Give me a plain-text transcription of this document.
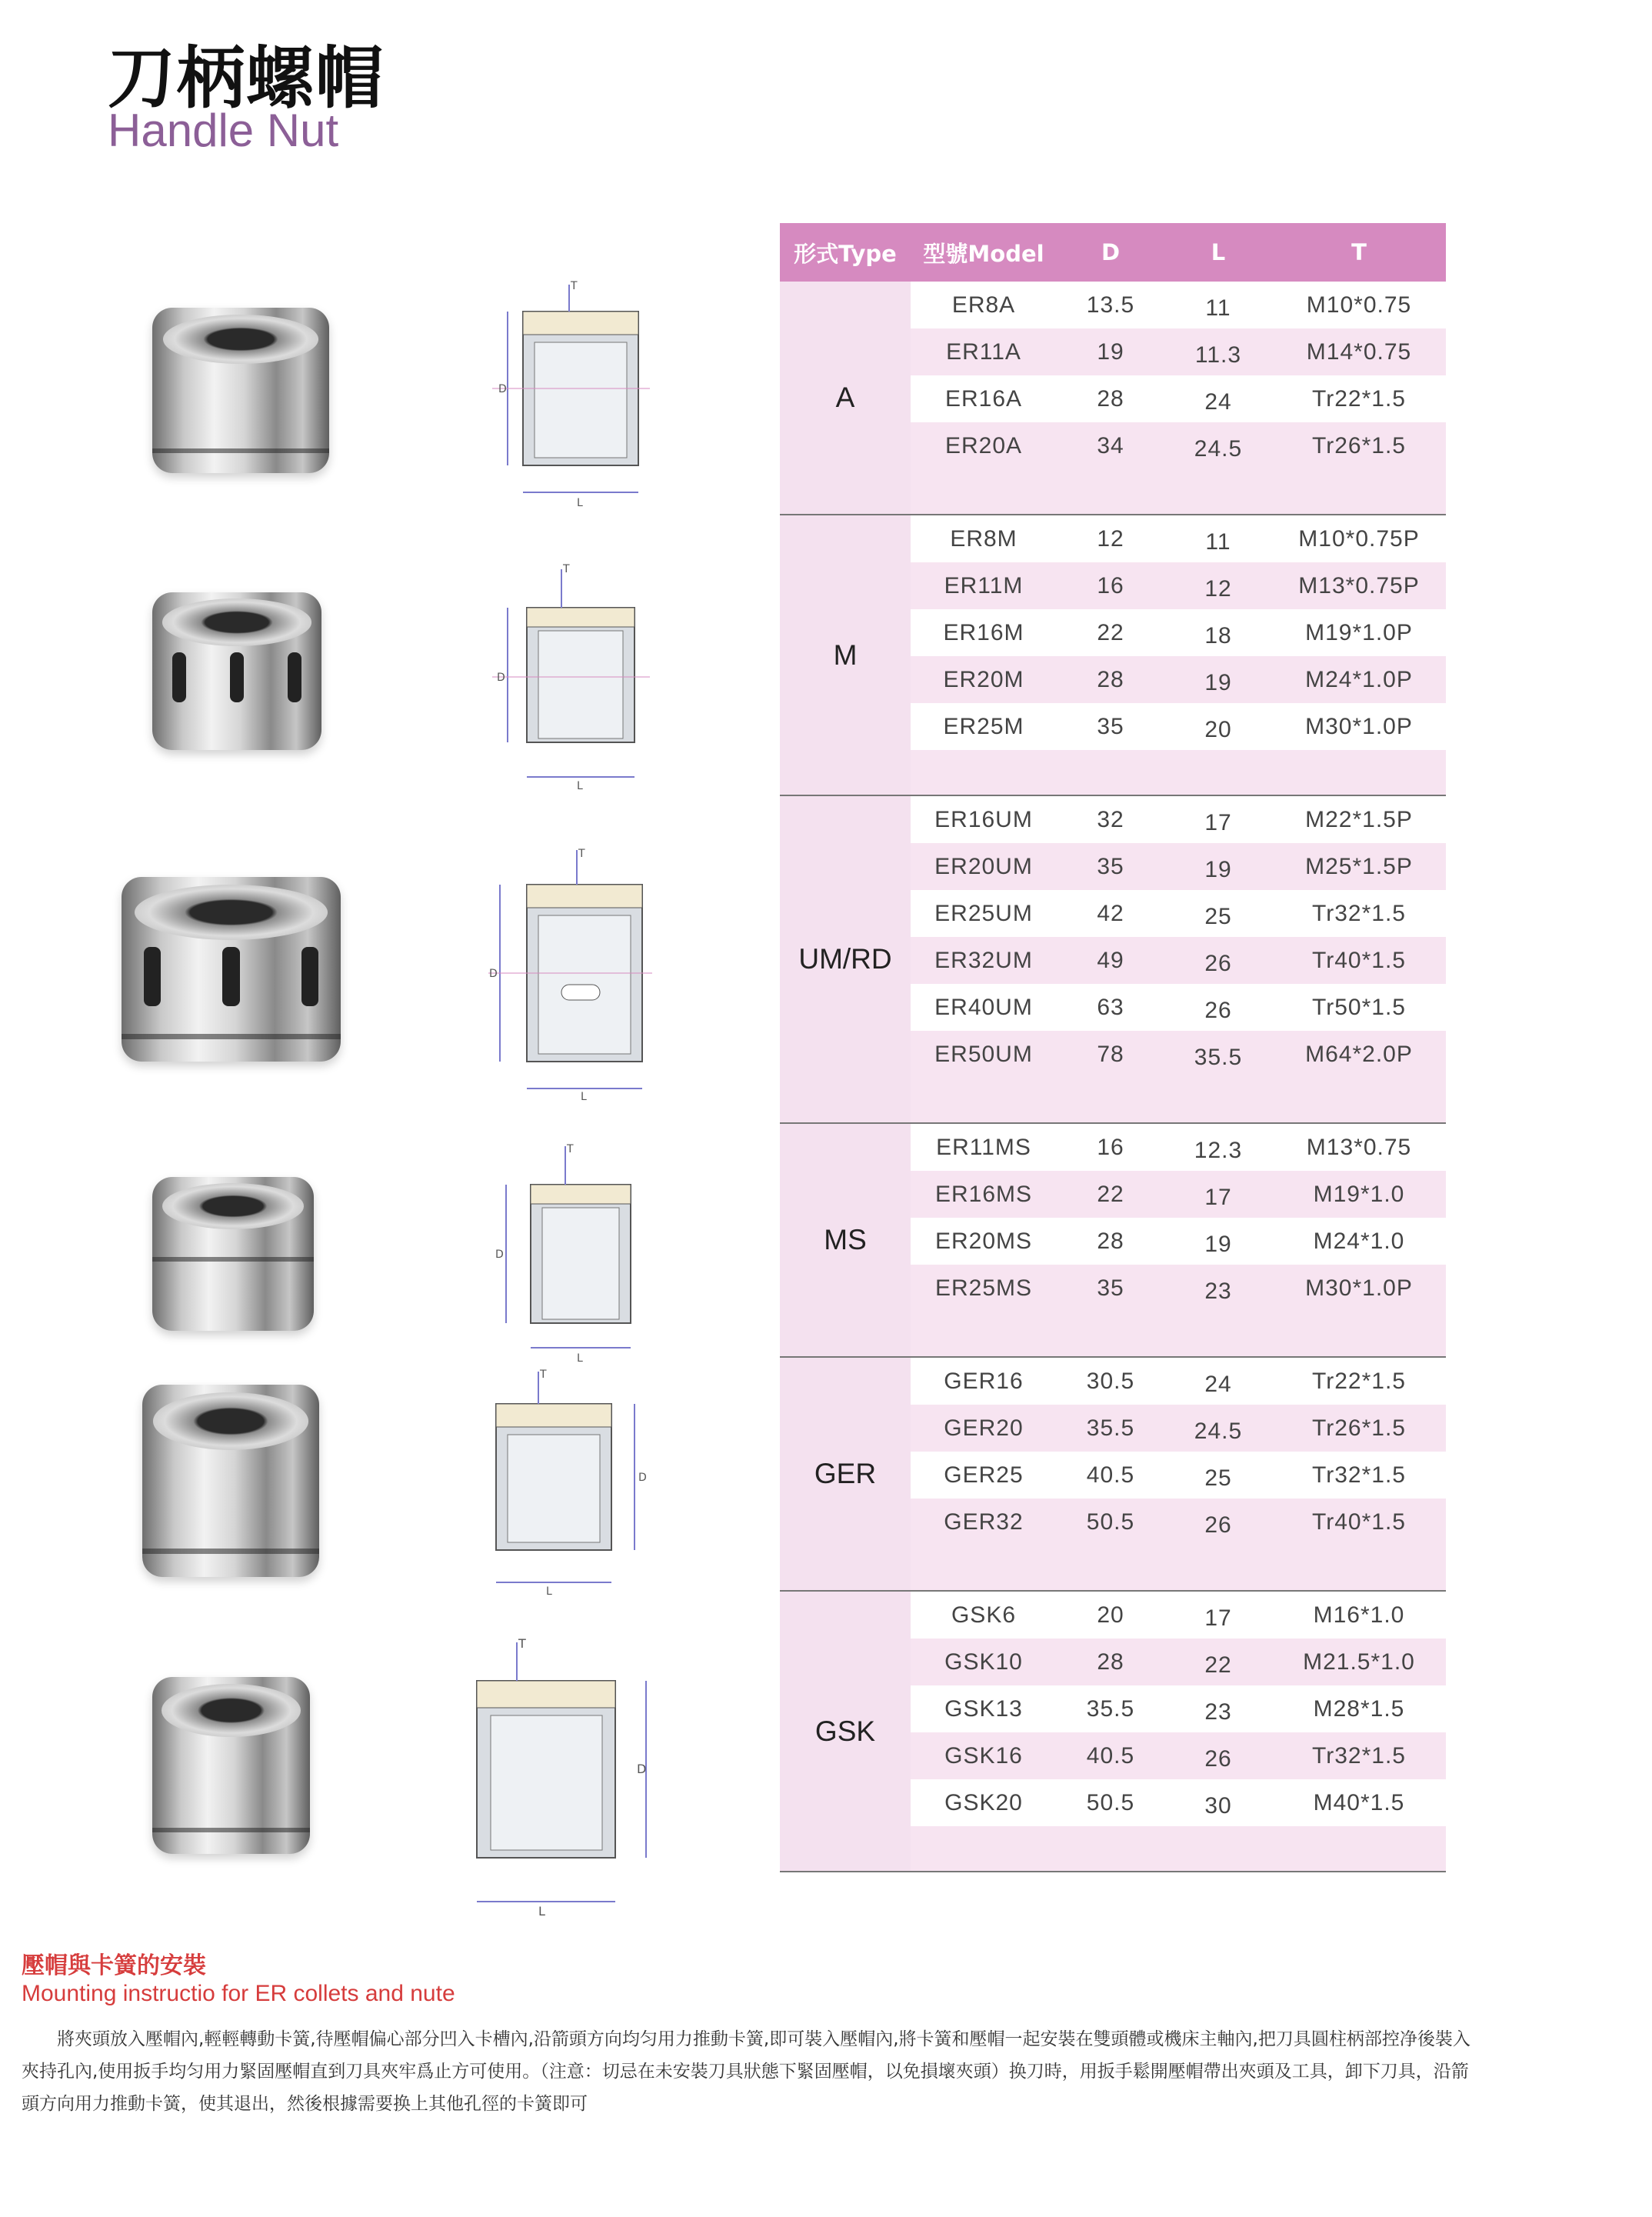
刀柄螺帽
Handle Nut
T
D
L
T
D
L
T
D
L
T
D
L
T
D
L
T
D
L
形式Type	型號Model	D	L	T
A
ER8A	13.5	11	M10*0.75
ER11A	19	11.3	M14*0.75
ER16A	28	24	Tr22*1.5
ER20A	34	24.5	Tr26*1.5
M
ER8M	12	11	M10*0.75P
ER11M	16	12	M13*0.75P
ER16M	22	18	M19*1.0P
ER20M	28	19	M24*1.0P
ER25M	35	20	M30*1.0P
UM/RD
ER16UM	32	17	M22*1.5P
ER20UM	35	19	M25*1.5P
ER25UM	42	25	Tr32*1.5
ER32UM	49	26	Tr40*1.5
ER40UM	63	26	Tr50*1.5
ER50UM	78	35.5	M64*2.0P
MS
ER11MS	16	12.3	M13*0.75
ER16MS	22	17	M19*1.0
ER20MS	28	19	M24*1.0
ER25MS	35	23	M30*1.0P
GER
GER16	30.5	24	Tr22*1.5
GER20	35.5	24.5	Tr26*1.5
GER25	40.5	25	Tr32*1.5
GER32	50.5	26	Tr40*1.5
GSK
GSK6	20	17	M16*1.0
GSK10	28	22	M21.5*1.0
GSK13	35.5	23	M28*1.5
GSK16	40.5	26	Tr32*1.5
GSK20	50.5	30	M40*1.5
壓帽與卡簧的安裝
Mounting instructio for ER collets and nute
將夾頭放入壓帽內,輕輕轉動卡簧,待壓帽偏心部分凹入卡槽內,沿箭頭方向均匀用力推動卡簧,即可裝入壓帽內,將卡簧和壓帽一起安裝在雙頭體或機床主軸內,把刀具圓柱柄部控净後裝入夾持孔內,使用扳手均匀用力緊固壓帽直到刀具夾牢爲止方可使用。（注意：切忌在未安裝刀具狀態下緊固壓帽，以免損壞夾頭）换刀時，用扳手鬆開壓帽帶出夾頭及工具，卸下刀具，沿箭頭方向用力推動卡簧，使其退出，然後根據需要换上其他孔徑的卡簧即可
